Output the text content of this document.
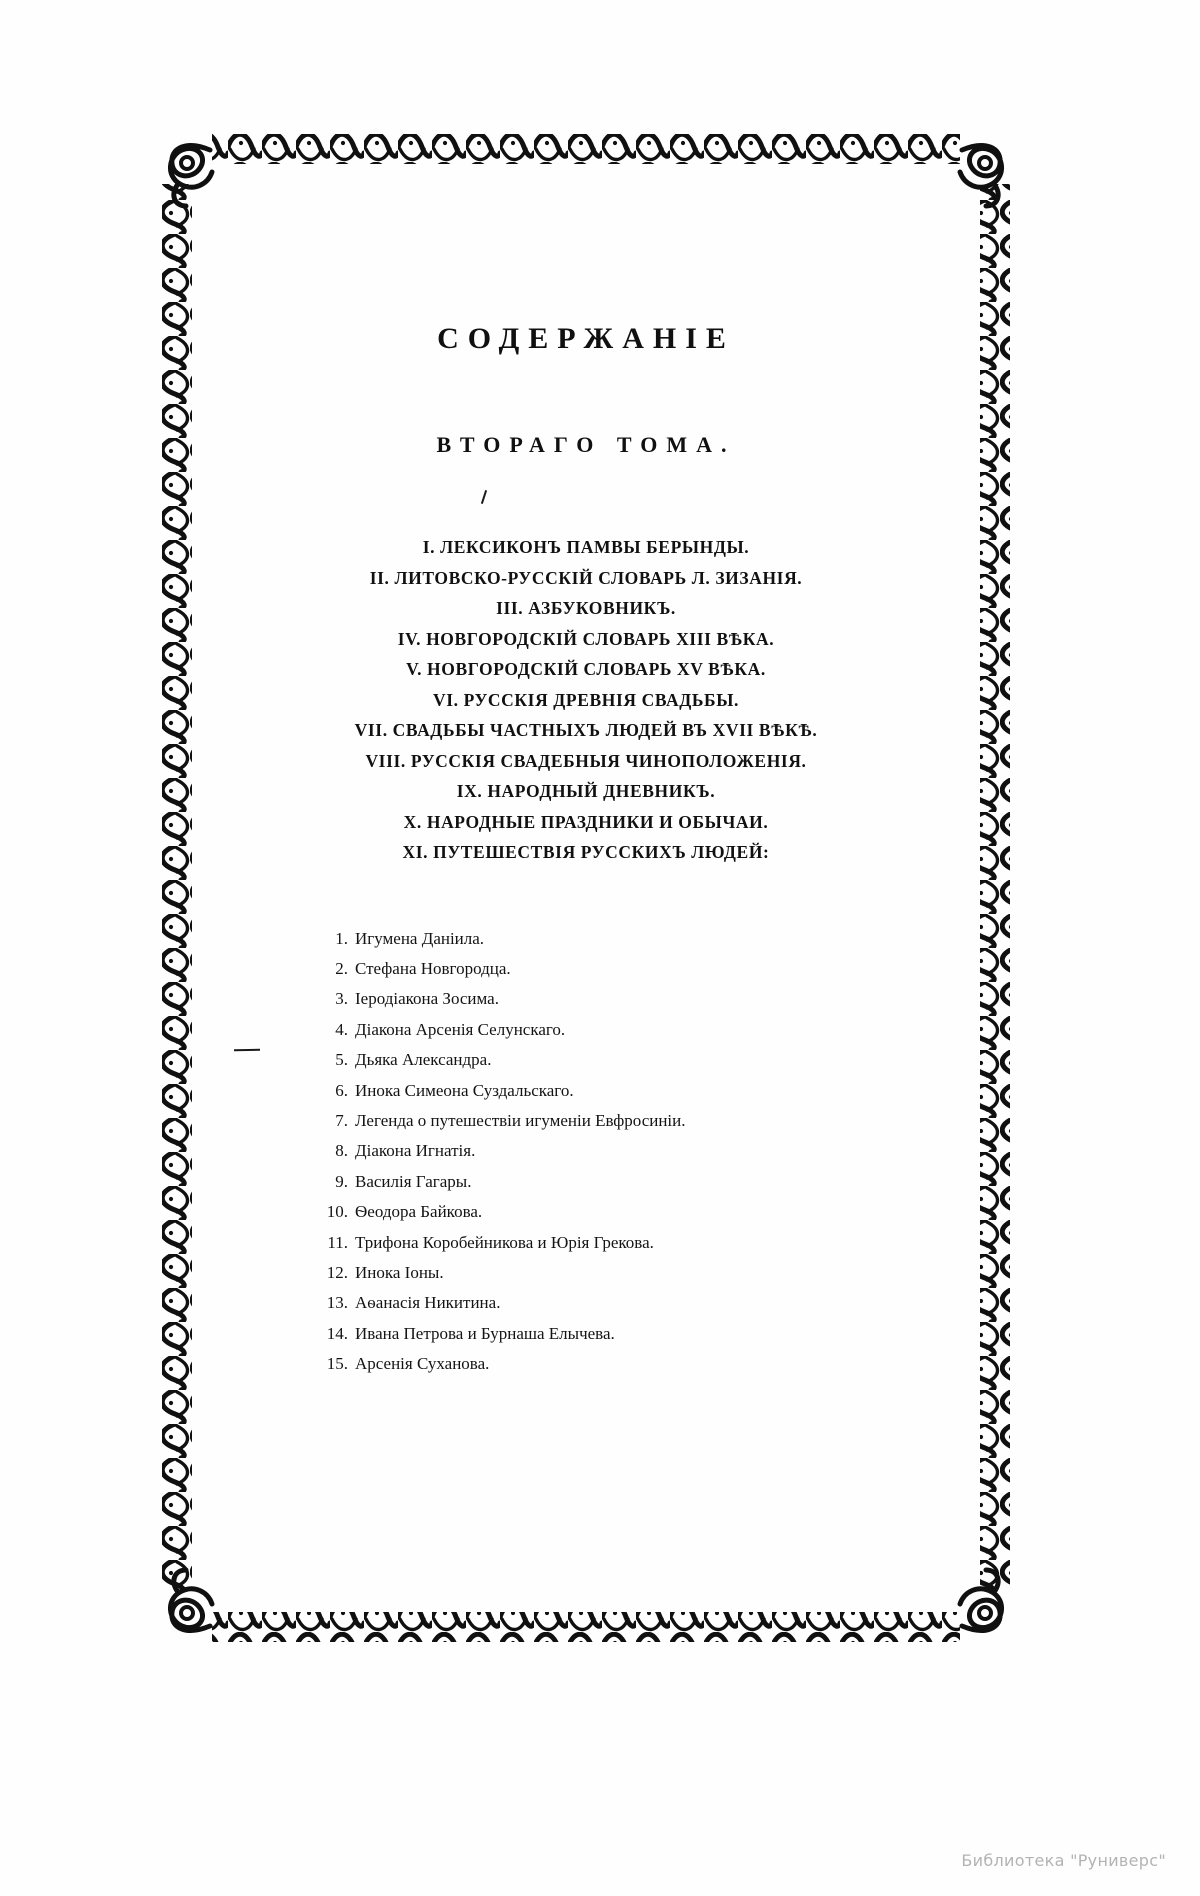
СОДЕРЖАНІЕ
ВТОРАГО ТОМА.
I. ЛЕКСИКОНЪ ПАМВЫ БЕРЫНДЫ.
II. ЛИТОВСКО-РУССКІЙ СЛОВАРЬ Л. ЗИЗАНІЯ.
III. АЗБУКОВНИКЪ.
IV. НОВГОРОДСКІЙ СЛОВАРЬ XIII ВѢКА.
V. НОВГОРОДСКІЙ СЛОВАРЬ XV ВѢКА.
VI. РУССКІЯ ДРЕВНІЯ СВАДЬБЫ.
VII. СВАДЬБЫ ЧАСТНЫХЪ ЛЮДЕЙ ВЪ XVII ВѢКѢ.
VIII. РУССКІЯ СВАДЕБНЫЯ ЧИНОПОЛОЖЕНІЯ.
IX. НАРОДНЫЙ ДНЕВНИКЪ.
X. НАРОДНЫЕ ПРАЗДНИКИ И ОБЫЧАИ.
XI. ПУТЕШЕСТВІЯ РУССКИХЪ ЛЮДЕЙ:
1. Игумена Даніила.
2. Стефана Новгородца.
3. Іеродіакона Зосима.
4. Діакона Арсенія Селунскаго.
5. Дьяка Александра.
6. Инока Симеона Суздальскаго.
7. Легенда о путешествіи игуменіи Евфросиніи.
8. Діакона Игнатія.
9. Василія Гагары.
10. Ѳеодора Байкова.
11. Трифона Коробейникова и Юрія Грекова.
12. Инока Іоны.
13. Аѳанасія Никитина.
14. Ивана Петрова и Бурнаша Елычева.
15. Арсенія Суханова.
Библиотека "Руниверс"
